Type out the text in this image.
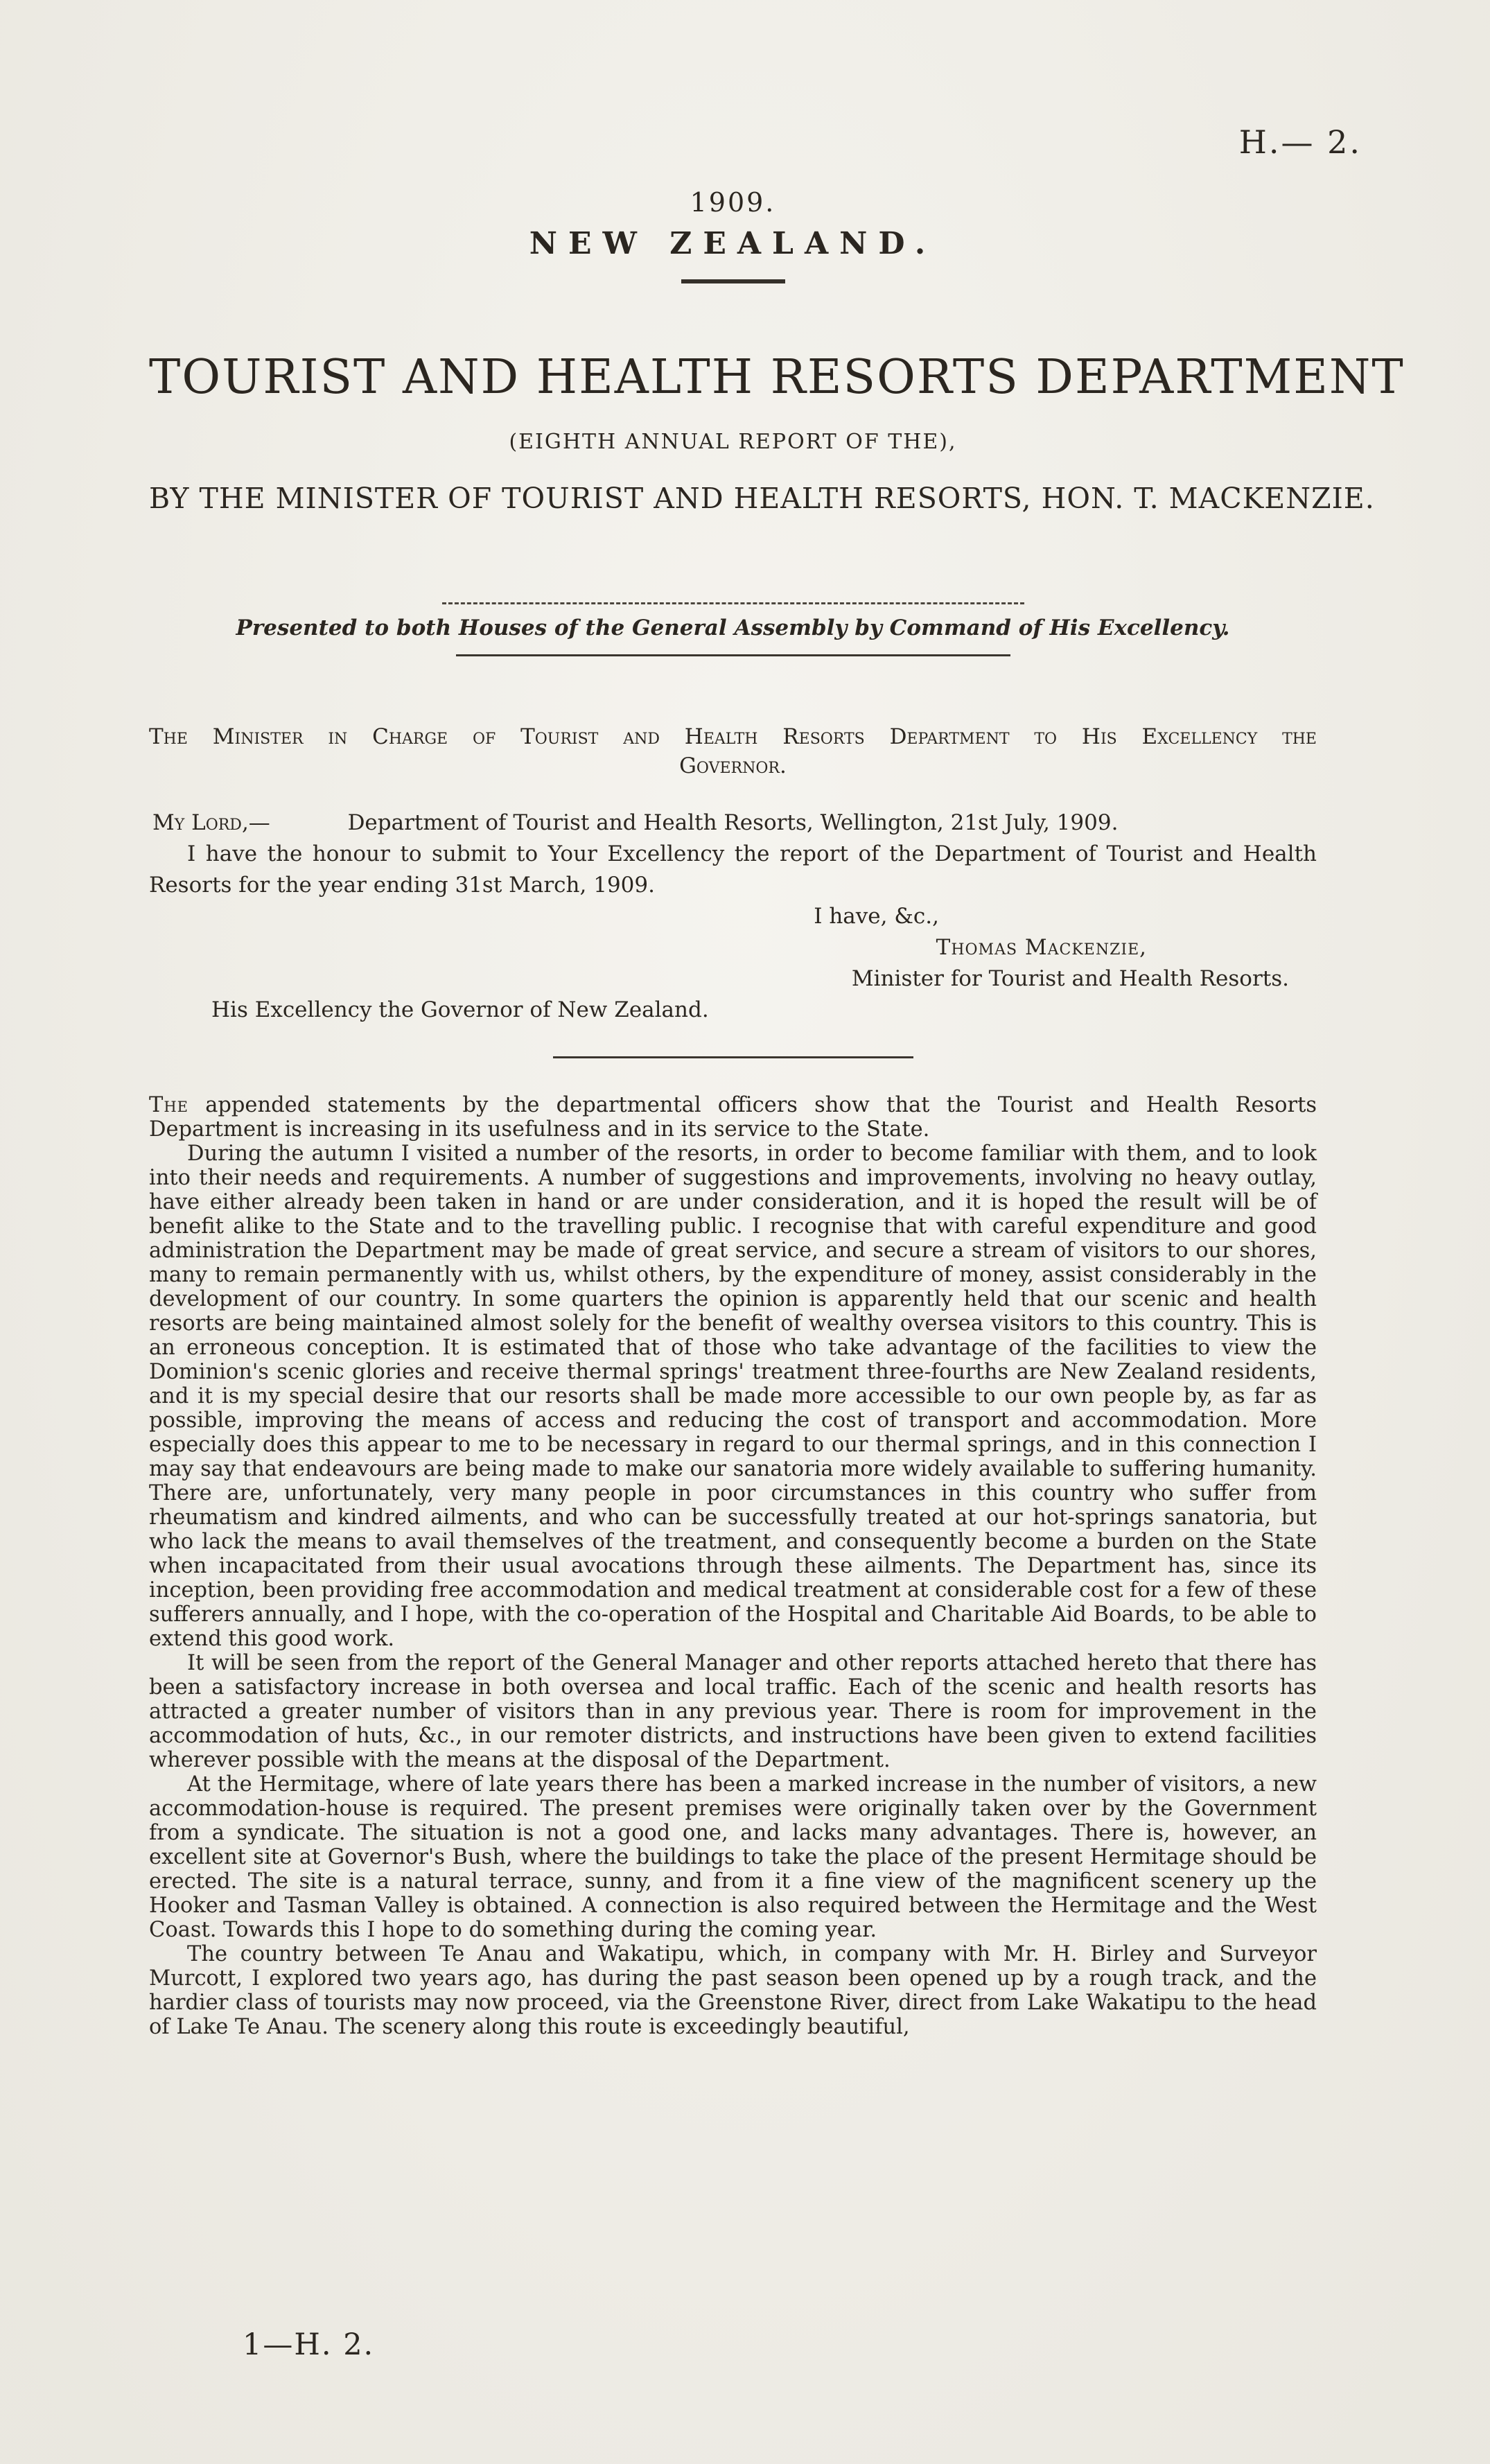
H.— 2.
1909.
NEW ZEALAND.
TOURIST AND HEALTH RESORTS DEPARTMENT
(EIGHTH ANNUAL REPORT OF THE),
BY THE MINISTER OF TOURIST AND HEALTH RESORTS, HON. T. MACKENZIE.
Presented to both Houses of the General Assembly by Command of His Excellency.
The Minister in Charge of Tourist and Health Resorts Department to His Excellency the
Governor.
My Lord,—	Department of Tourist and Health Resorts, Wellington, 21st July, 1909.
I have the honour to submit to Your Excellency the report of the Department of Tourist and Health Resorts for the year ending 31st March, 1909.
I have, &c.,
Thomas Mackenzie,
Minister for Tourist and Health Resorts.
His Excellency the Governor of New Zealand.

The appended statements by the departmental officers show that the Tourist and Health Resorts Department is increasing in its usefulness and in its service to the State.

During the autumn I visited a number of the resorts, in order to become familiar with them, and to look into their needs and requirements. A number of suggestions and improvements, involving no heavy outlay, have either already been taken in hand or are under consideration, and it is hoped the result will be of benefit alike to the State and to the travelling public. I recognise that with careful expenditure and good administration the Department may be made of great service, and secure a stream of visitors to our shores, many to remain permanently with us, whilst others, by the expenditure of money, assist considerably in the development of our country. In some quarters the opinion is apparently held that our scenic and health resorts are being maintained almost solely for the benefit of wealthy oversea visitors to this country. This is an erroneous conception. It is estimated that of those who take advantage of the facilities to view the Dominion's scenic glories and receive thermal springs' treatment three-fourths are New Zealand residents, and it is my special desire that our resorts shall be made more accessible to our own people by, as far as possible, improving the means of access and reducing the cost of transport and accommodation. More especially does this appear to me to be necessary in regard to our thermal springs, and in this connection I may say that endeavours are being made to make our sanatoria more widely available to suffering humanity. There are, unfortunately, very many people in poor circumstances in this country who suffer from rheumatism and kindred ailments, and who can be successfully treated at our hot-springs sanatoria, but who lack the means to avail themselves of the treatment, and consequently become a burden on the State when incapacitated from their usual avocations through these ailments. The Department has, since its inception, been providing free accommodation and medical treatment at considerable cost for a few of these sufferers annually, and I hope, with the co-operation of the Hospital and Charitable Aid Boards, to be able to extend this good work.

It will be seen from the report of the General Manager and other reports attached hereto that there has been a satisfactory increase in both oversea and local traffic. Each of the scenic and health resorts has attracted a greater number of visitors than in any previous year. There is room for improvement in the accommodation of huts, &c., in our remoter districts, and instructions have been given to extend facilities wherever possible with the means at the disposal of the Department.

At the Hermitage, where of late years there has been a marked increase in the number of visitors, a new accommodation-house is required. The present premises were originally taken over by the Government from a syndicate. The situation is not a good one, and lacks many advantages. There is, however, an excellent site at Governor's Bush, where the buildings to take the place of the present Hermitage should be erected. The site is a natural terrace, sunny, and from it a fine view of the magnificent scenery up the Hooker and Tasman Valley is obtained. A connection is also required between the Hermitage and the West Coast. Towards this I hope to do something during the coming year.

The country between Te Anau and Wakatipu, which, in company with Mr. H. Birley and Surveyor Murcott, I explored two years ago, has during the past season been opened up by a rough track, and the hardier class of tourists may now proceed, via the Greenstone River, direct from Lake Wakatipu to the head of Lake Te Anau. The scenery along this route is exceedingly beautiful,

1—H. 2.
